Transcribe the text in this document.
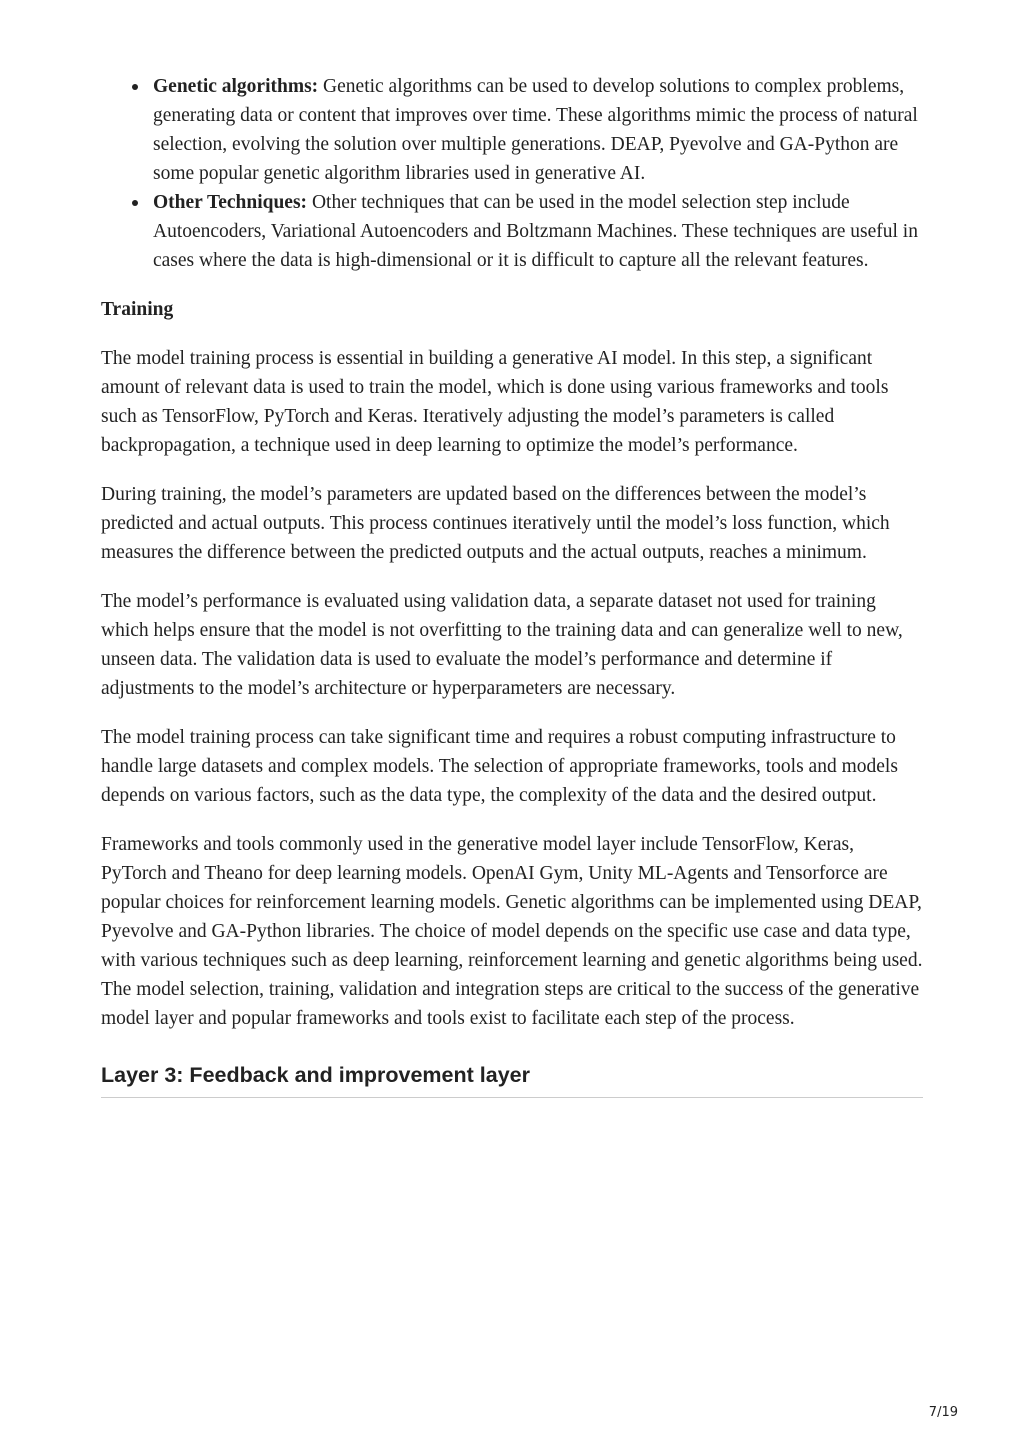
Genetic algorithms: Genetic algorithms can be used to develop solutions to complex problems, generating data or content that improves over time. These algorithms mimic the process of natural selection, evolving the solution over multiple generations. DEAP, Pyevolve and GA-Python are some popular genetic algorithm libraries used in generative AI.
Other Techniques: Other techniques that can be used in the model selection step include Autoencoders, Variational Autoencoders and Boltzmann Machines. These techniques are useful in cases where the data is high-dimensional or it is difficult to capture all the relevant features.
Training

The model training process is essential in building a generative AI model. In this step, a significant amount of relevant data is used to train the model, which is done using various frameworks and tools such as TensorFlow, PyTorch and Keras. Iteratively adjusting the model’s parameters is called backpropagation, a technique used in deep learning to optimize the model’s performance.

During training, the model’s parameters are updated based on the differences between the model’s predicted and actual outputs. This process continues iteratively until the model’s loss function, which measures the difference between the predicted outputs and the actual outputs, reaches a minimum.

The model’s performance is evaluated using validation data, a separate dataset not used for training which helps ensure that the model is not overfitting to the training data and can generalize well to new, unseen data. The validation data is used to evaluate the model’s performance and determine if adjustments to the model’s architecture or hyperparameters are necessary.

The model training process can take significant time and requires a robust computing infrastructure to handle large datasets and complex models. The selection of appropriate frameworks, tools and models depends on various factors, such as the data type, the complexity of the data and the desired output.

Frameworks and tools commonly used in the generative model layer include TensorFlow, Keras, PyTorch and Theano for deep learning models. OpenAI Gym, Unity ML-Agents and Tensorforce are popular choices for reinforcement learning models. Genetic algorithms can be implemented using DEAP, Pyevolve and GA-Python libraries. The choice of model depends on the specific use case and data type, with various techniques such as deep learning, reinforcement learning and genetic algorithms being used. The model selection, training, validation and integration steps are critical to the success of the generative model layer and popular frameworks and tools exist to facilitate each step of the process.

Layer 3: Feedback and improvement layer
7/19
